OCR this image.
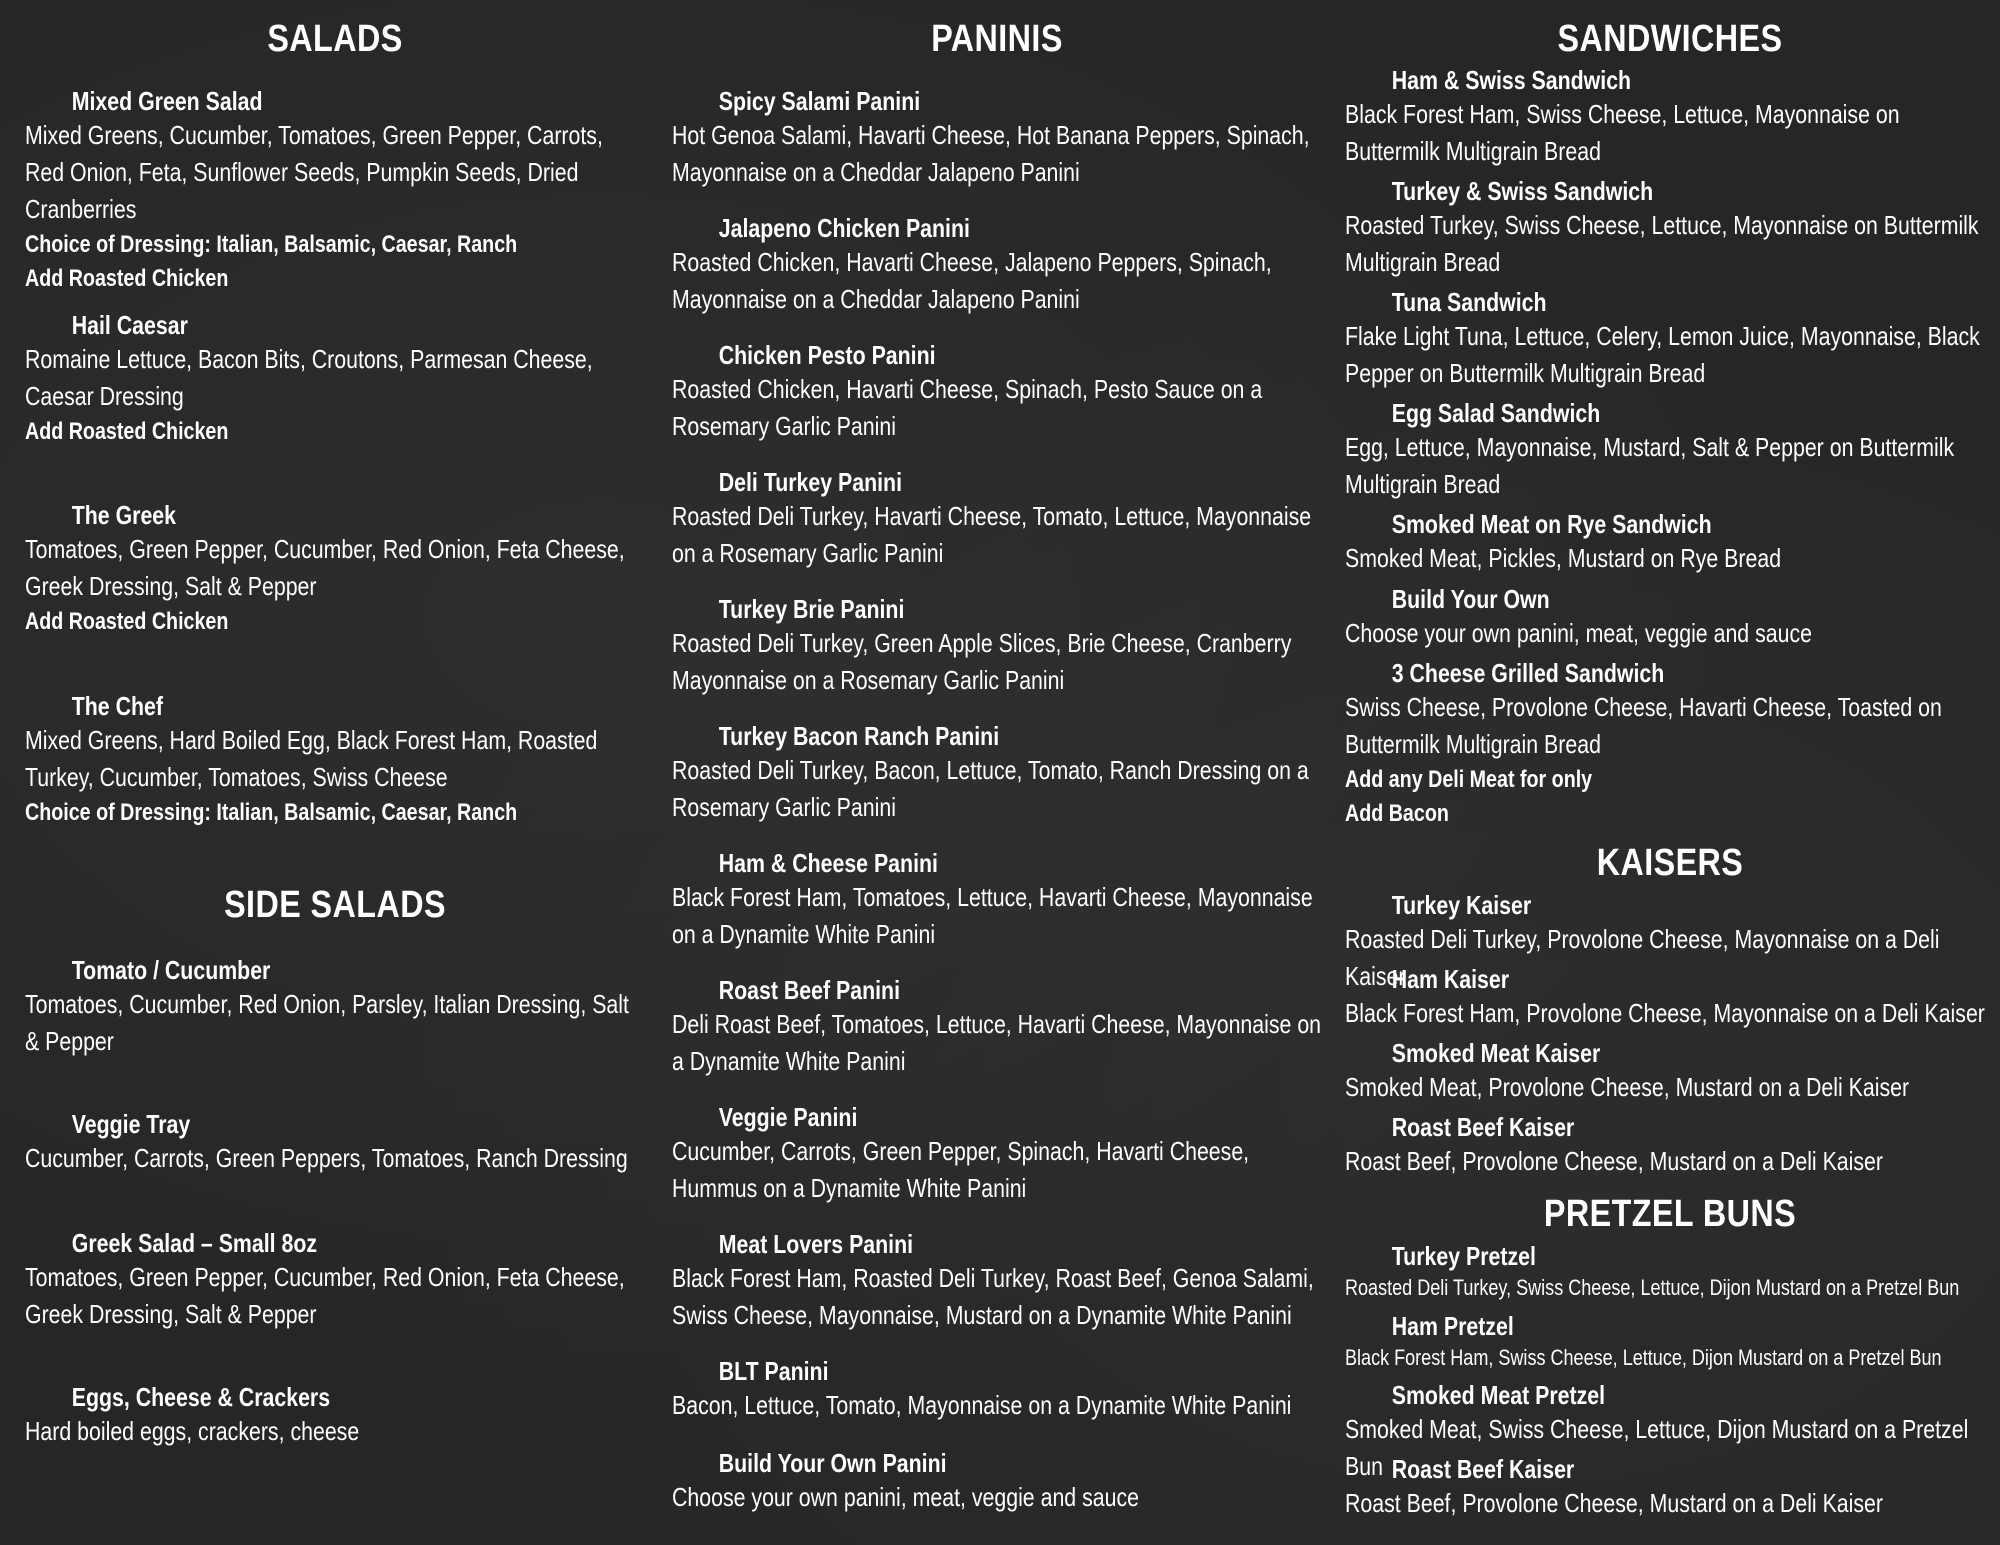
SALADS
Mixed Green Salad
Mixed Greens, Cucumber, Tomatoes, Green Pepper, Carrots, Red Onion, Feta, Sunflower Seeds, Pumpkin Seeds, Dried Cranberries
Choice of Dressing: Italian, Balsamic, Caesar, Ranch
Add Roasted Chicken
Hail Caesar
Romaine Lettuce, Bacon Bits, Croutons, Parmesan Cheese, Caesar Dressing
Add Roasted Chicken
The Greek
Tomatoes, Green Pepper, Cucumber, Red Onion, Feta Cheese, Greek Dressing, Salt & Pepper
Add Roasted Chicken
The Chef
Mixed Greens, Hard Boiled Egg, Black Forest Ham, Roasted Turkey, Cucumber, Tomatoes, Swiss Cheese
Choice of Dressing: Italian, Balsamic, Caesar, Ranch
SIDE SALADS
Tomato / Cucumber
Tomatoes, Cucumber, Red Onion, Parsley, Italian Dressing, Salt & Pepper
Veggie Tray
Cucumber, Carrots, Green Peppers, Tomatoes, Ranch Dressing
Greek Salad – Small 8oz
Tomatoes, Green Pepper, Cucumber, Red Onion, Feta Cheese, Greek Dressing, Salt & Pepper
Eggs, Cheese & Crackers
Hard boiled eggs, crackers, cheese
PANINIS
Spicy Salami Panini
Hot Genoa Salami, Havarti Cheese, Hot Banana Peppers, Spinach, Mayonnaise on a Cheddar Jalapeno Panini
Jalapeno Chicken Panini
Roasted Chicken, Havarti Cheese, Jalapeno Peppers, Spinach, Mayonnaise on a Cheddar Jalapeno Panini
Chicken Pesto Panini
Roasted Chicken, Havarti Cheese, Spinach, Pesto Sauce on a Rosemary Garlic Panini
Deli Turkey Panini
Roasted Deli Turkey, Havarti Cheese, Tomato, Lettuce, Mayonnaise on a Rosemary Garlic Panini
Turkey Brie Panini
Roasted Deli Turkey, Green Apple Slices, Brie Cheese, Cranberry Mayonnaise on a Rosemary Garlic Panini
Turkey Bacon Ranch Panini
Roasted Deli Turkey, Bacon, Lettuce, Tomato, Ranch Dressing on a Rosemary Garlic Panini
Ham & Cheese Panini
Black Forest Ham, Tomatoes, Lettuce, Havarti Cheese, Mayonnaise on a Dynamite White Panini
Roast Beef Panini
Deli Roast Beef, Tomatoes, Lettuce, Havarti Cheese, Mayonnaise on a Dynamite White Panini
Veggie Panini
Cucumber, Carrots, Green Pepper, Spinach, Havarti Cheese, Hummus on a Dynamite White Panini
Meat Lovers Panini
Black Forest Ham, Roasted Deli Turkey, Roast Beef, Genoa Salami, Swiss Cheese, Mayonnaise, Mustard on a Dynamite White Panini
BLT Panini
Bacon, Lettuce, Tomato, Mayonnaise on a Dynamite White Panini
Build Your Own Panini
Choose your own panini, meat, veggie and sauce
SANDWICHES
Ham & Swiss Sandwich
Black Forest Ham, Swiss Cheese, Lettuce, Mayonnaise on Buttermilk Multigrain Bread
Turkey & Swiss Sandwich
Roasted Turkey, Swiss Cheese, Lettuce, Mayonnaise on Buttermilk Multigrain Bread
Tuna Sandwich
Flake Light Tuna, Lettuce, Celery, Lemon Juice, Mayonnaise, Black Pepper on Buttermilk Multigrain Bread
Egg Salad Sandwich
Egg, Lettuce, Mayonnaise, Mustard, Salt & Pepper on Buttermilk Multigrain Bread
Smoked Meat on Rye Sandwich
Smoked Meat, Pickles, Mustard on Rye Bread
Build Your Own
Choose your own panini, meat, veggie and sauce
3 Cheese Grilled Sandwich
Swiss Cheese, Provolone Cheese, Havarti Cheese, Toasted on Buttermilk Multigrain Bread
Add any Deli Meat for only
Add Bacon
KAISERS
Turkey Kaiser
Roasted Deli Turkey, Provolone Cheese, Mayonnaise on a Deli Kaiser
Ham Kaiser
Black Forest Ham, Provolone Cheese, Mayonnaise on a Deli Kaiser
Smoked Meat Kaiser
Smoked Meat, Provolone Cheese, Mustard on a Deli Kaiser
Roast Beef Kaiser
Roast Beef, Provolone Cheese, Mustard on a Deli Kaiser
PRETZEL BUNS
Turkey Pretzel
Roasted Deli Turkey, Swiss Cheese, Lettuce, Dijon Mustard on a Pretzel Bun
Ham Pretzel
Black Forest Ham, Swiss Cheese, Lettuce, Dijon Mustard on a Pretzel Bun
Smoked Meat Pretzel
Smoked Meat, Swiss Cheese, Lettuce, Dijon Mustard on a Pretzel Bun Roast Beef Kaiser
Roast Beef, Provolone Cheese, Mustard on a Deli Kaiser
